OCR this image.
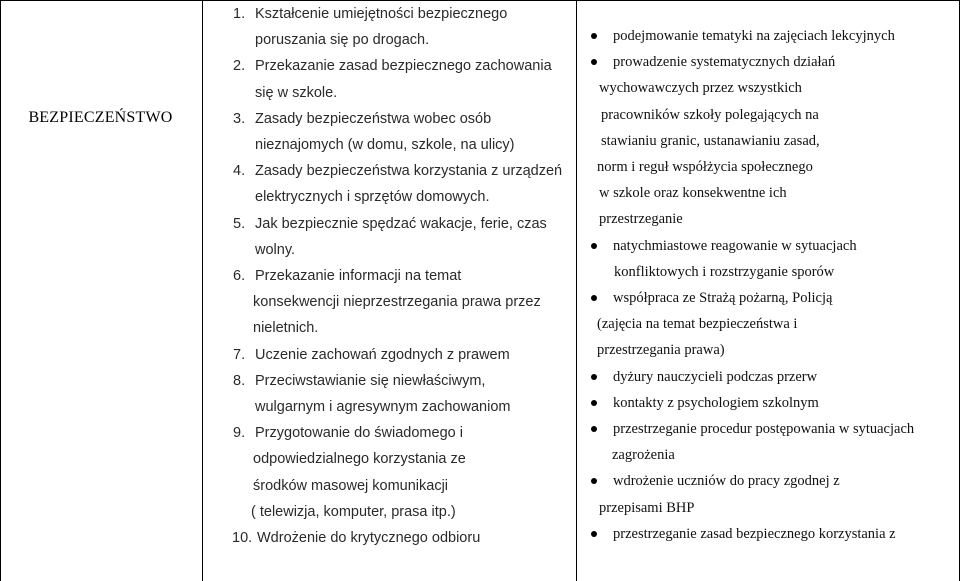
BEZPIECZEŃSTWO
1. Kształcenie umiejętności bezpiecznego
poruszania się po drogach.
2. Przekazanie zasad bezpiecznego zachowania
się w szkole.
3. Zasady bezpieczeństwa wobec osób
nieznajomych (w domu, szkole, na ulicy)
4. Zasady bezpieczeństwa korzystania z urządzeń
elektrycznych i sprzętów domowych.
5. Jak bezpiecznie spędzać wakacje, ferie, czas
wolny.
6. Przekazanie informacji na temat
konsekwencji nieprzestrzegania prawa przez
nieletnich.
7. Uczenie zachowań zgodnych z prawem
8. Przeciwstawianie się niewłaściwym,
wulgarnym i agresywnym zachowaniom
9. Przygotowanie do świadomego i
odpowiedzialnego korzystania ze
środków masowej komunikacji
( telewizja, komputer, prasa itp.)
10. Wdrożenie do krytycznego odbioru
podejmowanie tematyki na zajęciach lekcyjnych
prowadzenie systematycznych działań
wychowawczych przez wszystkich
pracowników szkoły polegających na
stawianiu granic, ustanawianiu zasad,
norm i reguł współżycia społecznego
w szkole oraz konsekwentne ich
przestrzeganie
natychmiastowe reagowanie w sytuacjach
konfliktowych i rozstrzyganie sporów
współpraca ze Strażą pożarną, Policją
(zajęcia na temat bezpieczeństwa i
przestrzegania prawa)
dyżury nauczycieli podczas przerw
kontakty z psychologiem szkolnym
przestrzeganie procedur postępowania w sytuacjach
zagrożenia
wdrożenie uczniów do pracy zgodnej z
przepisami BHP
przestrzeganie zasad bezpiecznego korzystania z
